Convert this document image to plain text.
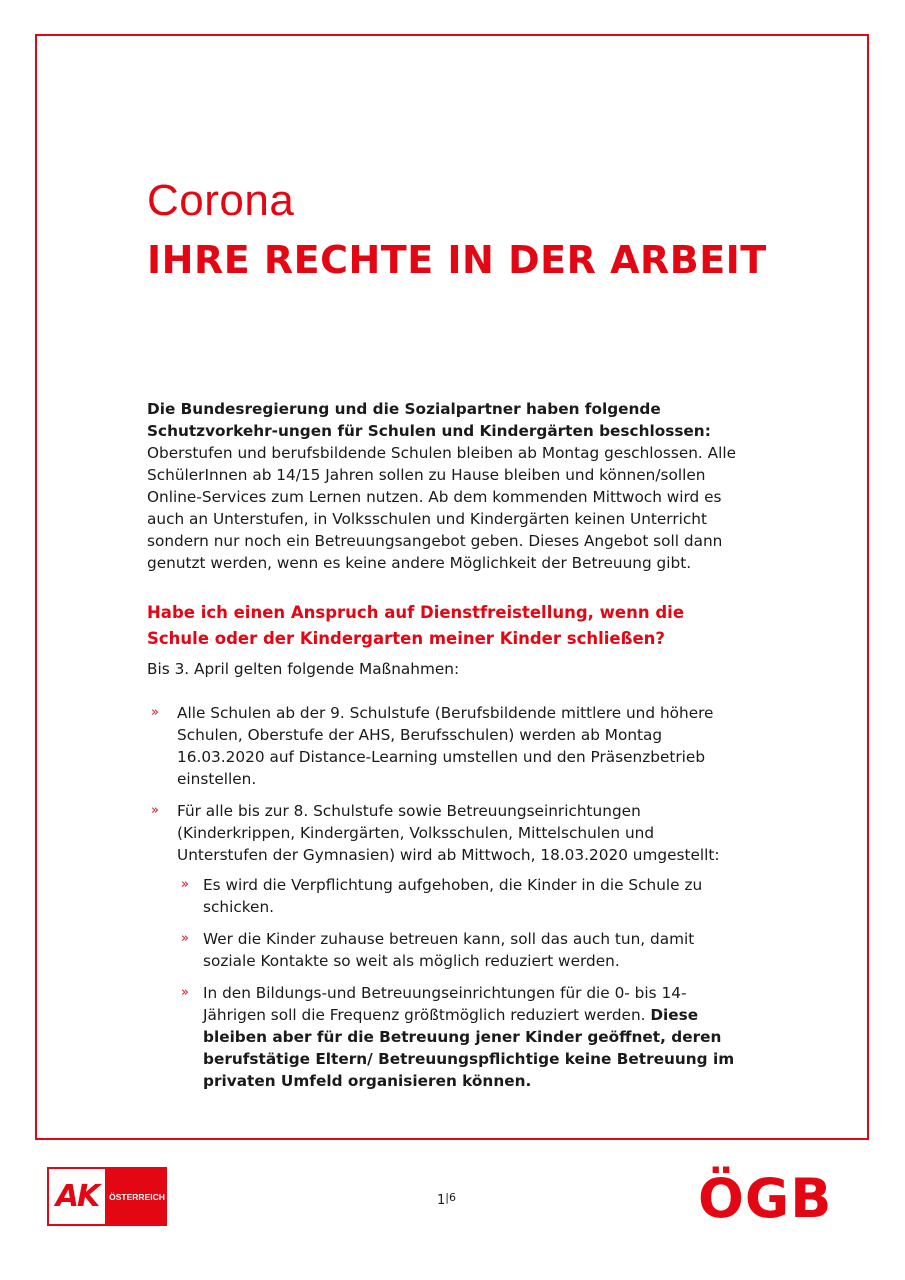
Corona
IHRE RECHTE IN DER ARBEIT

Die Bundesregierung und die Sozialpartner haben folgende Schutzvorkehr-ungen für Schulen und Kindergärten beschlossen: Oberstufen und berufsbildende Schulen bleiben ab Montag geschlossen. Alle SchülerInnen ab 14/15 Jahren sollen zu Hause bleiben und können/sollen Online-Services zum Lernen nutzen. Ab dem kommenden Mittwoch wird es auch an Unterstufen, in Volksschulen und Kindergärten keinen Unterricht sondern nur noch ein Betreuungsangebot geben. Dieses Angebot soll dann genutzt werden, wenn es keine andere Möglichkeit der Betreuung gibt.

Habe ich einen Anspruch auf Dienstfreistellung, wenn die Schule oder der Kindergarten meiner Kinder schließen?

Bis 3. April gelten folgende Maßnahmen:

» Alle Schulen ab der 9. Schulstufe (Berufsbildende mittlere und höhere Schulen, Oberstufe der AHS, Berufsschulen) werden ab Montag 16.03.2020 auf Distance-Learning umstellen und den Präsenzbetrieb einstellen.
» Für alle bis zur 8. Schulstufe sowie Betreuungseinrichtungen (Kinderkrippen, Kindergärten, Volksschulen, Mittelschulen und Unterstufen der Gymnasien) wird ab Mittwoch, 18.03.2020 umgestellt:
» Es wird die Verpflichtung aufgehoben, die Kinder in die Schule zu schicken.
» Wer die Kinder zuhause betreuen kann, soll das auch tun, damit soziale Kontakte so weit als möglich reduziert werden.
» In den Bildungs-und Betreuungseinrichtungen für die 0- bis 14-Jährigen soll die Frequenz größtmöglich reduziert werden. Diese bleiben aber für die Betreuung jener Kinder geöffnet, deren berufstätige Eltern/ Betreuungspflichtige keine Betreuung im privaten Umfeld organisieren können.
AK	ÖSTERREICH	$1^{|6}$	ÖGB
